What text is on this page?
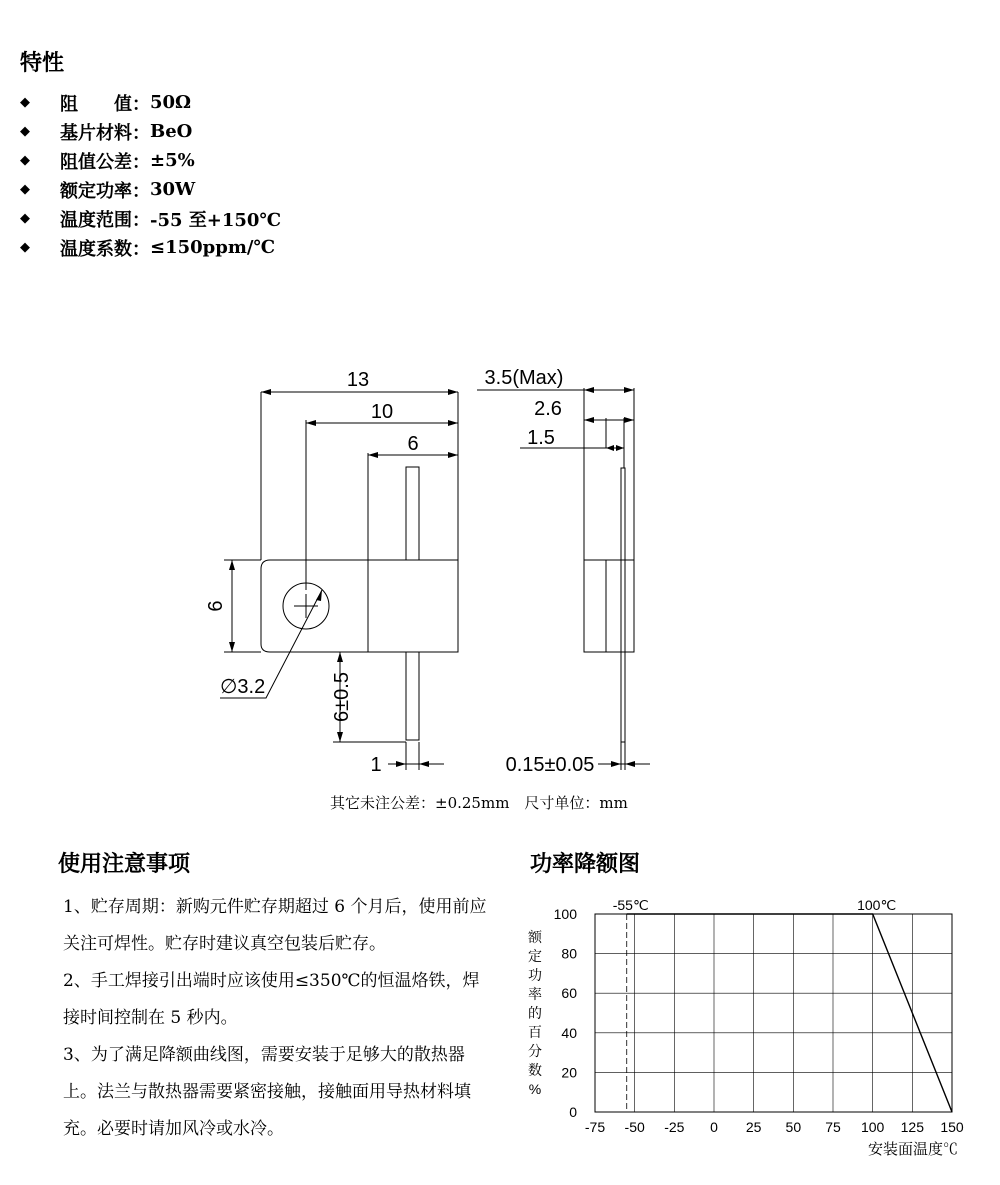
特性
◆	阻　　值： 50Ω
◆	基片材料： BeO
◆	阻值公差： ±5%
◆	额定功率： 30W
◆	温度范围： -55 至+150℃
◆	温度系数： ≤150ppm/℃
13
10
6
3.5(Max)
2.6
1.5
6
∅3.2	6±0.5
1	0.15±0.05
其它未注公差：±0.25mm　尺寸单位：mm
使用注意事项

1、贮存周期：新购元件贮存期超过 6 个月后，使用前应关注可焊性。贮存时建议真空包装后贮存。

2、手工焊接引出端时应该使用≤350℃的恒温烙铁，焊接时间控制在 5 秒内。

3、为了满足降额曲线图，需要安装于足够大的散热器上。法兰与散热器需要紧密接触，接触面用导热材料填充。必要时请加风冷或水冷。

功率降额图
-75 -50 -25 0 25 50 75 100 125 150
0
20
40
60
80
100
-55℃	100℃
额
定
功
率
的
百
分
数
%
安装面温度℃
